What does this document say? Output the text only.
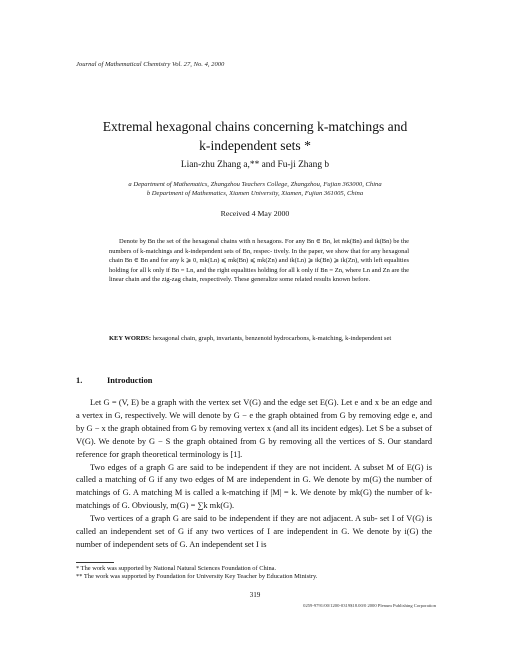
Journal of Mathematical Chemistry Vol. 27, No. 4, 2000
Extremal hexagonal chains concerning k-matchings and
k-independent sets *
Lian-zhu Zhang a,** and Fu-ji Zhang b
a Department of Mathematics, Zhangzhou Teachers College, Zhangzhou, Fujian 363000, China
b Department of Mathematics, Xiamen University, Xiamen, Fujian 361005, China
Received 4 May 2000

Denote by Bn the set of the hexagonal chains with n hexagons. For any Bn ∈ Bn, let mk(Bn) and ik(Bn) be the numbers of k-matchings and k-independent sets of Bn, respec- tively. In the paper, we show that for any hexagonal chain Bn ∈ Bn and for any k ⩾ 0, mk(Ln) ⩽ mk(Bn) ⩽ mk(Zn) and ik(Ln) ⩾ ik(Bn) ⩾ ik(Zn), with left equalities holding for all k only if Bn = Ln, and the right equalities holding for all k only if Bn = Zn, where Ln and Zn are the linear chain and the zig-zag chain, respectively. These generalize some related results known before.

KEY WORDS: hexagonal chain, graph, invariants, benzenoid hydrocarbons, k-matching, k-independent set
1.	Introduction

Let G = (V, E) be a graph with the vertex set V(G) and the edge set E(G). Let e and x be an edge and a vertex in G, respectively. We will denote by G − e the graph obtained from G by removing edge e, and by G − x the graph obtained from G by removing vertex x (and all its incident edges). Let S be a subset of V(G). We denote by G − S the graph obtained from G by removing all the vertices of S. Our standard reference for graph theoretical terminology is [1].

Two edges of a graph G are said to be independent if they are not incident. A subset M of E(G) is called a matching of G if any two edges of M are independent in G. We denote by m(G) the number of matchings of G. A matching M is called a k-matching if |M| = k. We denote by mk(G) the number of k-matchings of G. Obviously, m(G) = ∑k mk(G).

Two vertices of a graph G are said to be independent if they are not adjacent. A sub- set I of V(G) is called an independent set of G if any two vertices of I are independent in G. We denote by i(G) the number of independent sets of G. An independent set I is

* The work was supported by National Natural Sciences Foundation of China.
** The work was supported by Foundation for University Key Teacher by Education Ministry.
319
0259-9791/00/1200-0319$18.00/0 2000 Plenum Publishing Corporation
